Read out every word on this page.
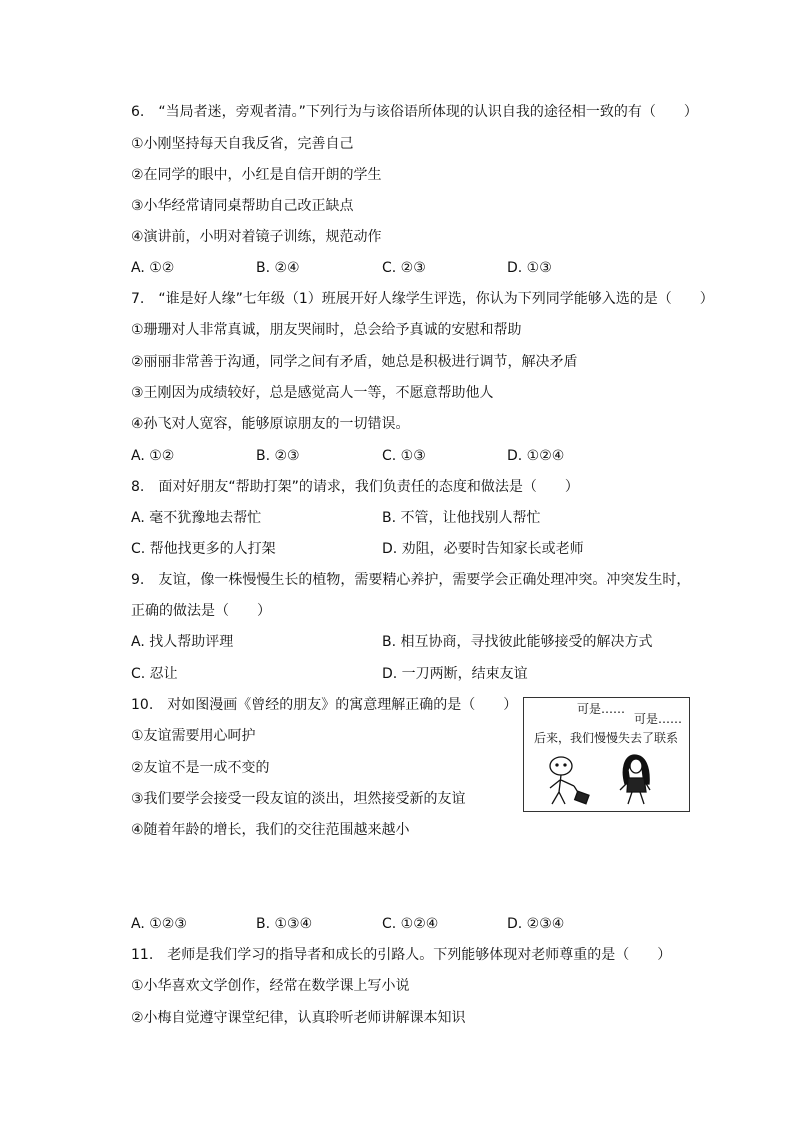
6.　“当局者迷，旁观者清。”下列行为与该俗语所体现的认识自我的途径相一致的有（　　）
①小刚坚持每天自我反省，完善自己
②在同学的眼中，小红是自信开朗的学生
③小华经常请同桌帮助自己改正缺点
④演讲前，小明对着镜子训练，规范动作
A. ①②	B. ②④	C. ②③	D. ①③
7.　“谁是好人缘”七年级（1）班展开好人缘学生评选，你认为下列同学能够入选的是（　　）
①珊珊对人非常真诚，朋友哭闹时，总会给予真诚的安慰和帮助
②丽丽非常善于沟通，同学之间有矛盾，她总是积极进行调节，解决矛盾
③王刚因为成绩较好，总是感觉高人一等，不愿意帮助他人
④孙飞对人宽容，能够原谅朋友的一切错误。
A. ①②	B. ②③	C. ①③	D. ①②④
8.　面对好朋友“帮助打架”的请求，我们负责任的态度和做法是（　　）
A. 毫不犹豫地去帮忙	B. 不管，让他找别人帮忙
C. 帮他找更多的人打架	D. 劝阻，必要时告知家长或老师
9.　友谊，像一株慢慢生长的植物，需要精心养护，需要学会正确处理冲突。冲突发生时，
正确的做法是（　　）
A. 找人帮助评理	B. 相互协商，寻找彼此能够接受的解决方式
C. 忍让	D. 一刀两断，结束友谊
10.　对如图漫画《曾经的朋友》的寓意理解正确的是（　　）
①友谊需要用心呵护
②友谊不是一成不变的
③我们要学会接受一段友谊的淡出，坦然接受新的友谊
④随着年龄的增长，我们的交往范围越来越小
可是……
可是……
后来，我们慢慢失去了联系
A. ①②③	B. ①③④	C. ①②④	D. ②③④
11.　老师是我们学习的指导者和成长的引路人。下列能够体现对老师尊重的是（　　）
①小华喜欢文学创作，经常在数学课上写小说
②小梅自觉遵守课堂纪律，认真聆听老师讲解课本知识
